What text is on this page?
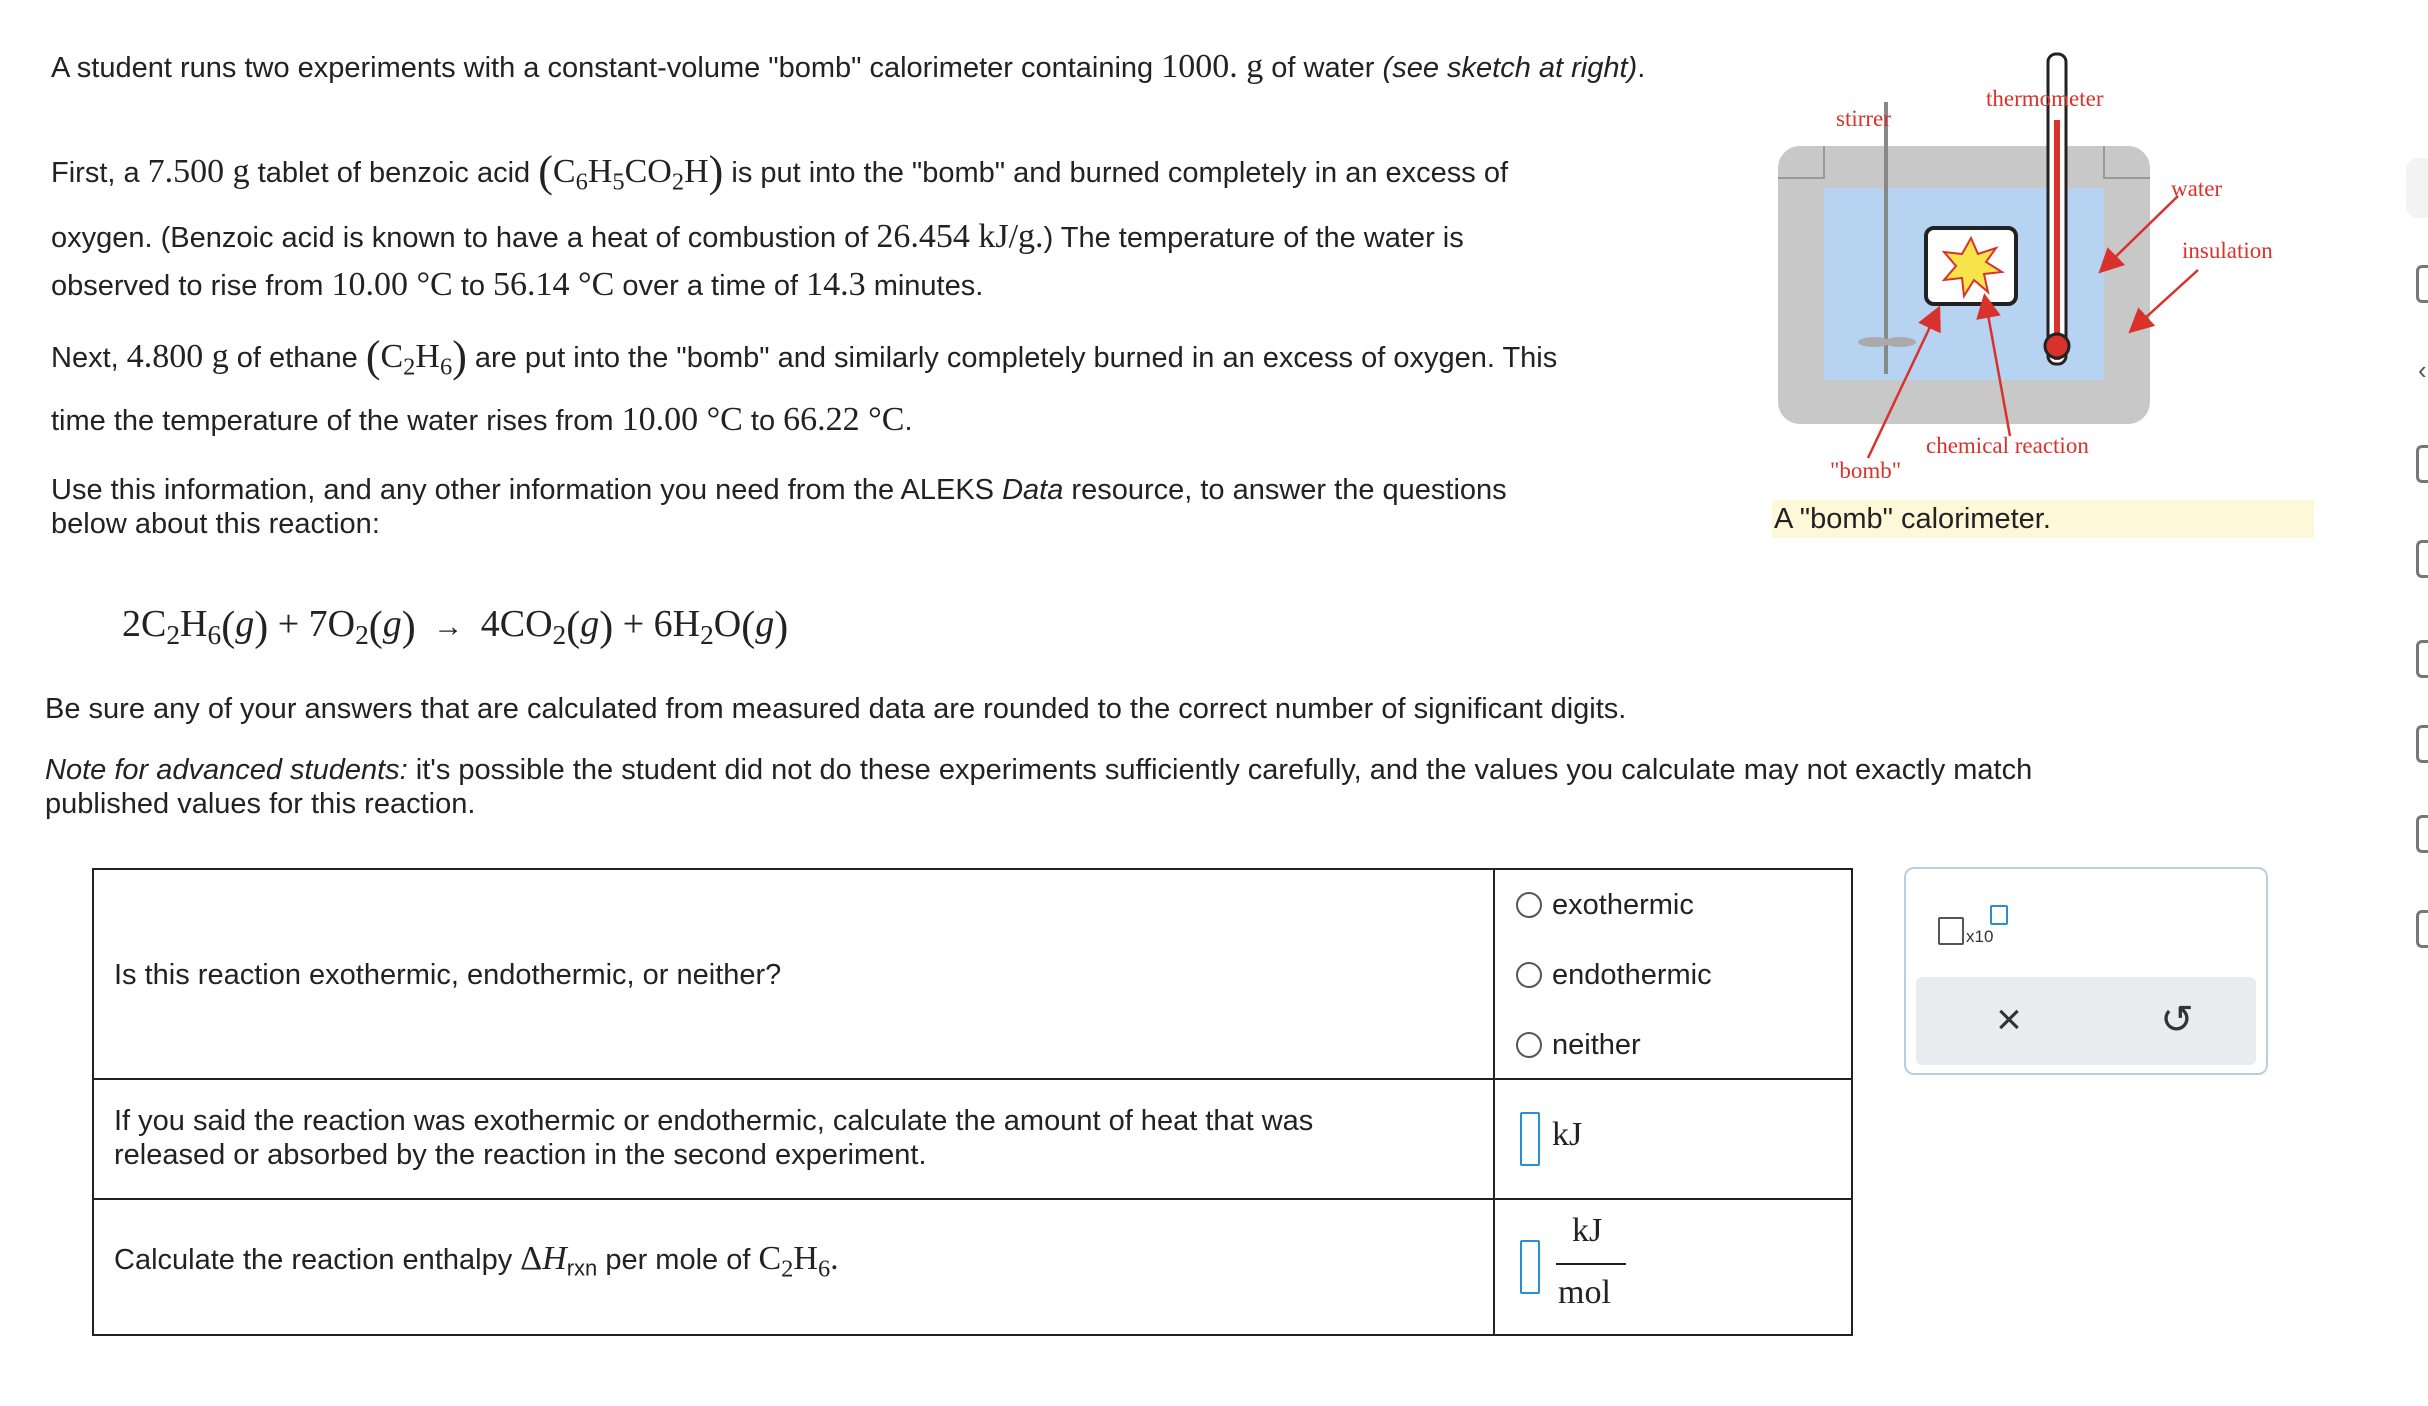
A student runs two experiments with a constant-volume "bomb" calorimeter containing 1000. g of water (see sketch at right).
First, a 7.500 g tablet of benzoic acid $(C_6H_5CO_2H)$ is put into the "bomb" and burned completely in an excess of
oxygen. (Benzoic acid is known to have a heat of combustion of 26.454 kJ/g.) The temperature of the water is
observed to rise from 10.00 °C to 56.14 °C over a time of 14.3 minutes.
Next, 4.800 g of ethane $(C_2H_6)$ are put into the "bomb" and similarly completely burned in an excess of oxygen. This
time the temperature of the water rises from 10.00 °C to 66.22 °C.
Use this information, and any other information you need from the ALEKS Data resource, to answer the questions
below about this reaction:
$2C_2H_6(g) + 7O_2(g) \to 4CO_2(g) + 6H_2O(g)$
Be sure any of your answers that are calculated from measured data are rounded to the correct number of significant digits.
Note for advanced students: it's possible the student did not do these experiments sufficiently carefully, and the values you calculate may not exactly match
published values for this reaction.
stirrer
thermometer
water
insulation
"bomb"
chemical reaction
A "bomb" calorimeter.
Is this reaction exothermic, endothermic, or neither?
exothermic
endothermic
neither
If you said the reaction was exothermic or endothermic, calculate the amount of heat that was
released or absorbed by the reaction in the second experiment.
kJ
Calculate the reaction enthalpy $\Delta H_{rxn}$ per mole of $C_2H_6$.
kJ
mol
x10
×	↺
‹
